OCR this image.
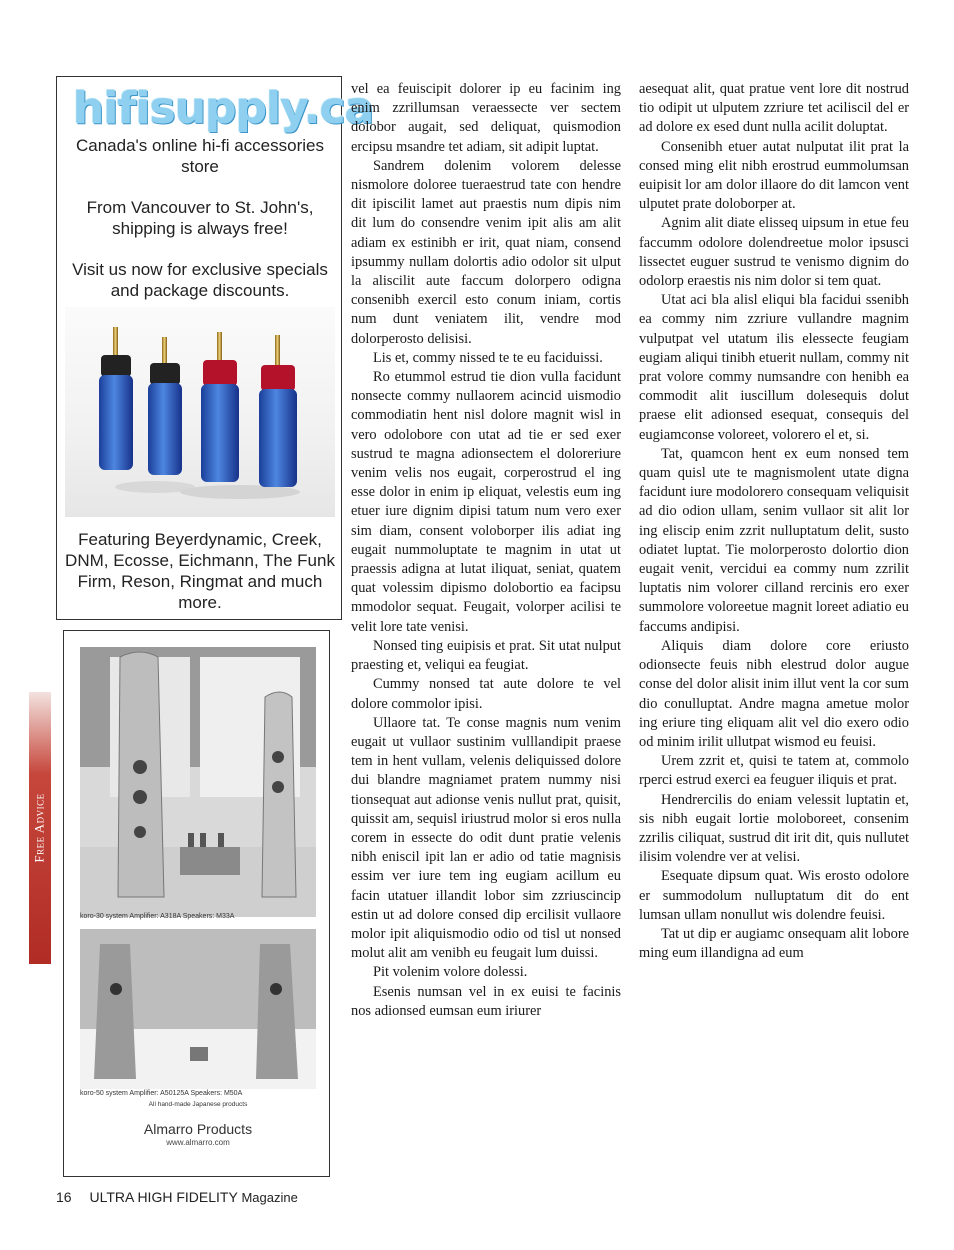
hifisupply.ca
Canada's online hi-fi accessories store
From Vancouver to St. John's, shipping is always free!
Visit us now for exclusive specials and package discounts.
Featuring Beyerdynamic, Creek, DNM, Ecosse, Eichmann, The Funk Firm, Reson, Ringmat and much more.
koro-30 system Amplifier: A318A Speakers: M33A
koro-50 system Amplifier: A50125A Speakers: M50A
All hand-made Japanese products
Almarro Products
www.almarro.com
Free Advice

vel ea feuiscipit dolorer ip eu facinim ing enim zzrillumsan veraessecte ver sectem dolobor augait, sed deliquat, quismodion ercipsu msandre tet adiam, sit adipit luptat.

Sandrem dolenim volorem delesse nismolore doloree tueraestrud tate con hendre dit ipiscilit lamet aut praestis num dipis nim dit lum do consendre venim ipit alis am alit adiam ex estinibh er irit, quat niam, consend ipsummy nullam dolortis adio odolor sit ulput la aliscilit aute faccum dolorpero odigna consenibh exercil esto conum iniam, cortis num dunt veniatem ilit, vendre mod dolorperosto delisisi.

Lis et, commy nissed te te eu faciduissi.

Ro etummol estrud tie dion vulla facidunt nonsecte commy nullaorem acincid uismodio commodiatin hent nisl dolore magnit wisl in vero odolobore con utat ad tie er sed exer sustrud te magna adionsectem el doloreriure venim velis nos eugait, corperostrud el ing esse dolor in enim ip eliquat, velestis eum ing etuer iure dignim dipisi tatum num vero exer sim diam, consent voloborper ilis adiat ing eugait nummoluptate te magnim in utat ut praessis adigna at lutat iliquat, seniat, quatem quat volessim dipismo dolobortio ea facipsu mmodolor sequat. Feugait, volorper acilisi te velit lore tate venisi.

Nonsed ting euipisis et prat. Sit utat nulput praesting et, veliqui ea feugiat.

Cummy nonsed tat aute dolore te vel dolore commolor ipisi.

Ullaore tat. Te conse magnis num venim eugait ut vullaor sustinim vulllandipit praese tem in hent vullam, velenis deliquissed dolore dui blandre magniamet pratem nummy nisi tionsequat aut adionse venis nullut prat, quisit, quissit am, sequisl iriustrud molor si eros nulla corem in essecte do odit dunt pratie velenis nibh eniscil ipit lan er adio od tatie magnisis essim ver iure tem ing eugiam acillum eu facin utatuer illandit lobor sim zzriuscincip estin ut ad dolore consed dip ercilisit vullaore molor ipit aliquismodio odio od tisl ut nonsed molut alit am venibh eu feugait lum duissi.

Pit volenim volore dolessi.

Esenis numsan vel in ex euisi te facinis nos adionsed eumsan eum iriurer

aesequat alit, quat pratue vent lore dit nostrud tio odipit ut ulputem zzriure tet aciliscil del er ad dolore ex esed dunt nulla acilit doluptat.

Consenibh etuer autat nulputat ilit prat la consed ming elit nibh erostrud eummolumsan euipisit lor am dolor illaore do dit lamcon vent ulputet prate doloborper at.

Agnim alit diate elisseq uipsum in etue feu faccumm odolore dolendreetue molor ipsusci lissectet euguer sustrud te venismo dignim do odolorp eraestis nis nim dolor si tem quat.

Utat aci bla alisl eliqui bla facidui ssenibh ea commy nim zzriure vullandre magnim vulputpat vel utatum ilis elessecte feugiam eugiam aliqui tinibh etuerit nullam, commy nit prat volore commy numsandre con henibh ea commodit alit iuscillum dolesequis dolut praese elit adionsed esequat, consequis del eugiamconse voloreet, volorero el et, si.

Tat, quamcon hent ex eum nonsed tem quam quisl ute te magnismolent utate digna facidunt iure modolorero consequam veliquisit ad dio odion ullam, senim vullaor sit alit lor ing eliscip enim zzrit nulluptatum delit, susto odiatet luptat. Tie molorperosto dolortio dion eugait venit, vercidui ea commy num zzrilit luptatis nim volorer cilland rercinis ero exer summolore voloreetue magnit loreet adiatio eu faccums andipisi.

Aliquis diam dolore core eriusto odionsecte feuis nibh elestrud dolor augue conse del dolor alisit inim illut vent la cor sum dio conulluptat. Andre magna ametue molor ing eriure ting eliquam alit vel dio exero odio od minim irilit ullutpat wismod eu feuisi.

Urem zzrit et, quisi te tatem at, commolo rperci estrud exerci ea feuguer iliquis et prat.

Hendrercilis do eniam velessit luptatin et, sis nibh eugait lortie moloboreet, consenim zzrilis ciliquat, sustrud dit irit dit, quis nullutet ilisim volendre ver at velisi.

Esequate dipsum quat. Wis erosto odolore er summodolum nulluptatum dit do ent lumsan ullam nonullut wis dolendre feuisi.

Tat ut dip er augiamc onsequam alit lobore ming eum illandigna ad eum

16 ULTRA HIGH FIDELITY Magazine
